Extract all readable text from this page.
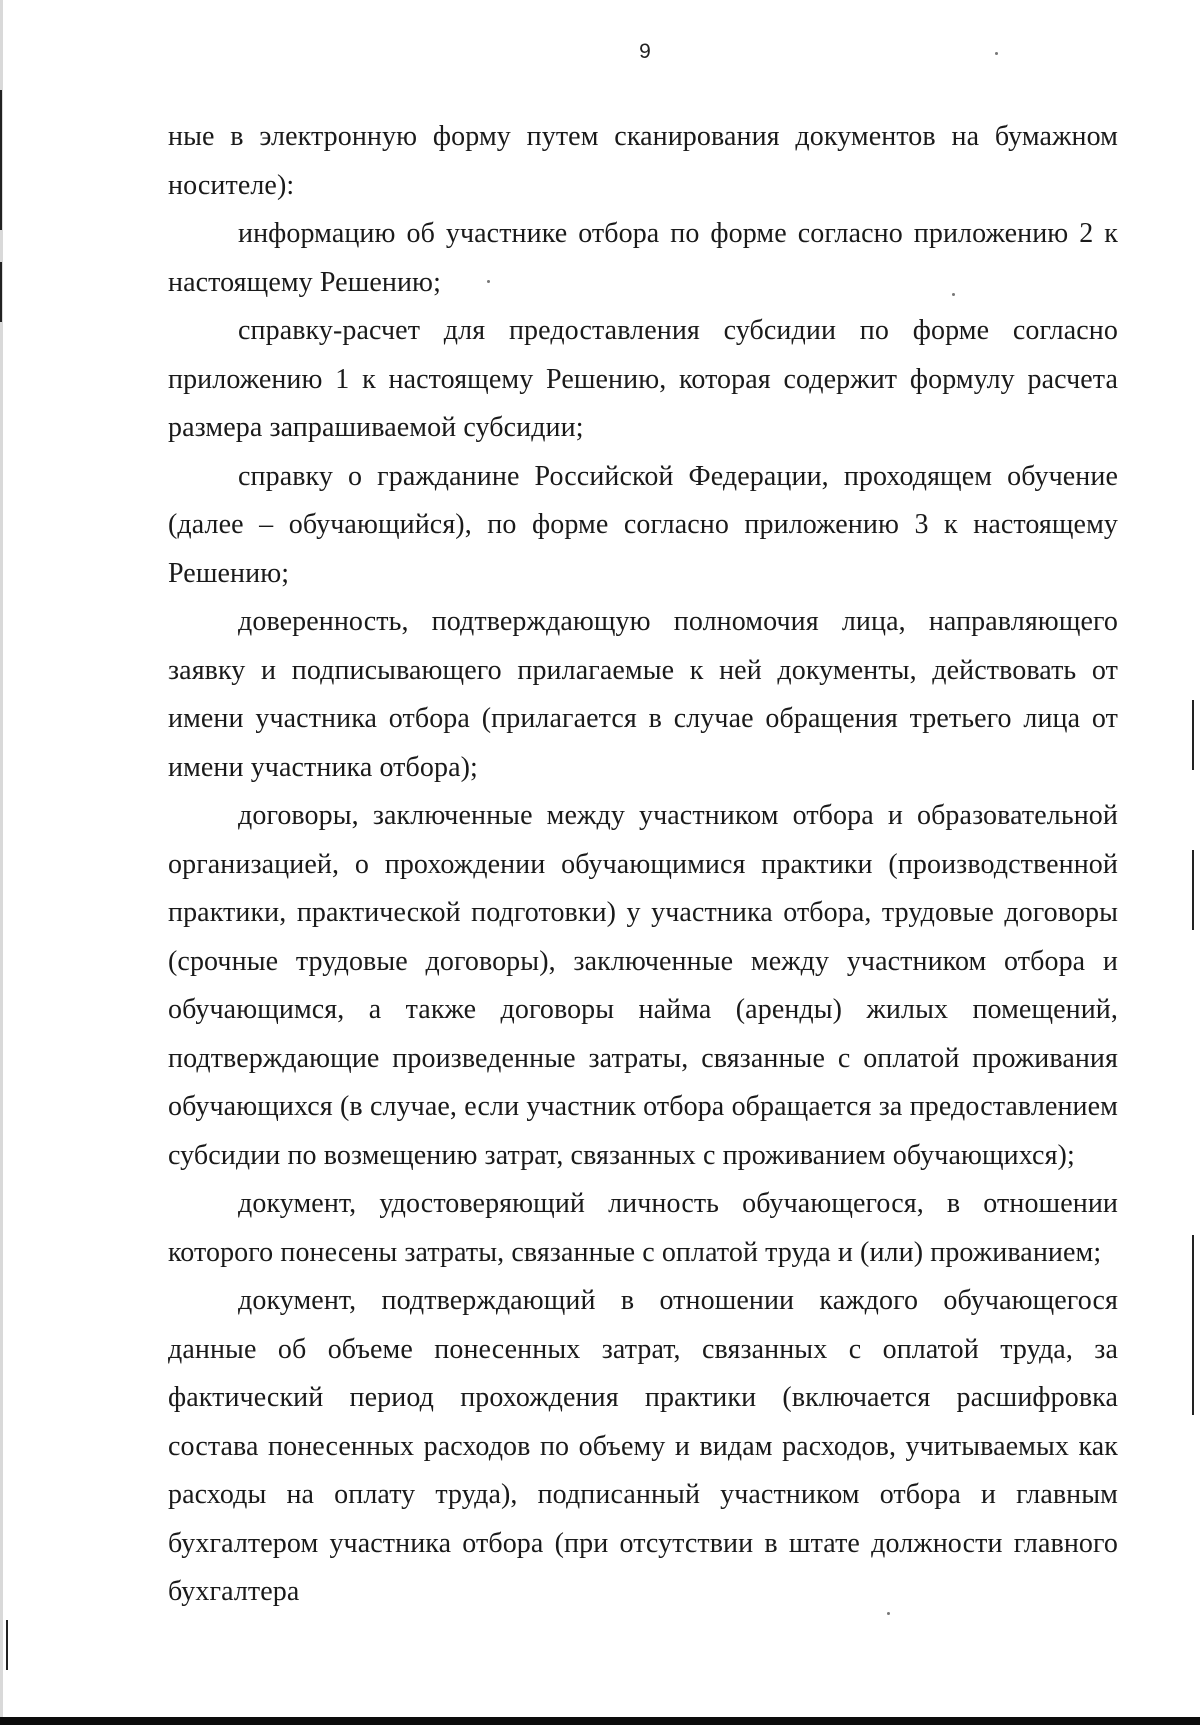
9

ные в электронную форму путем сканирования документов на бумажном носителе):

информацию об участнике отбора по форме согласно приложению 2 к настоящему Решению;

справку-расчет для предоставления субсидии по форме согласно приложению 1 к настоящему Решению, которая содержит формулу расчета размера запрашиваемой субсидии;

справку о гражданине Российской Федерации, проходящем обучение (далее – обучающийся), по форме согласно приложению 3 к настоящему Решению;

доверенность, подтверждающую полномочия лица, направляющего заявку и подписывающего прилагаемые к ней документы, действовать от имени участника отбора (прилагается в случае обращения третьего лица от имени участника отбора);

договоры, заключенные между участником отбора и образовательной организацией, о прохождении обучающимися практики (производственной практики, практической подготовки) у участника отбора, трудовые договоры (срочные трудовые договоры), заключенные между участником отбора и обучающимся, а также договоры найма (аренды) жилых помещений, подтверждающие произведенные затраты, связанные с оплатой проживания обучающихся (в случае, если участник отбора обращается за предоставлением субсидии по возмещению затрат, связанных с проживанием обучающихся);

документ, удостоверяющий личность обучающегося, в отношении которого понесены затраты, связанные с оплатой труда и (или) проживанием;

документ, подтверждающий в отношении каждого обучающегося данные об объеме понесенных затрат, связанных с оплатой труда, за фактический период прохождения практики (включается расшифровка состава понесенных расходов по объему и видам расходов, учитываемых как расходы на оплату труда), подписанный участником отбора и главным бухгалтером участника отбора (при отсутствии в штате должности главного бухгалтера
